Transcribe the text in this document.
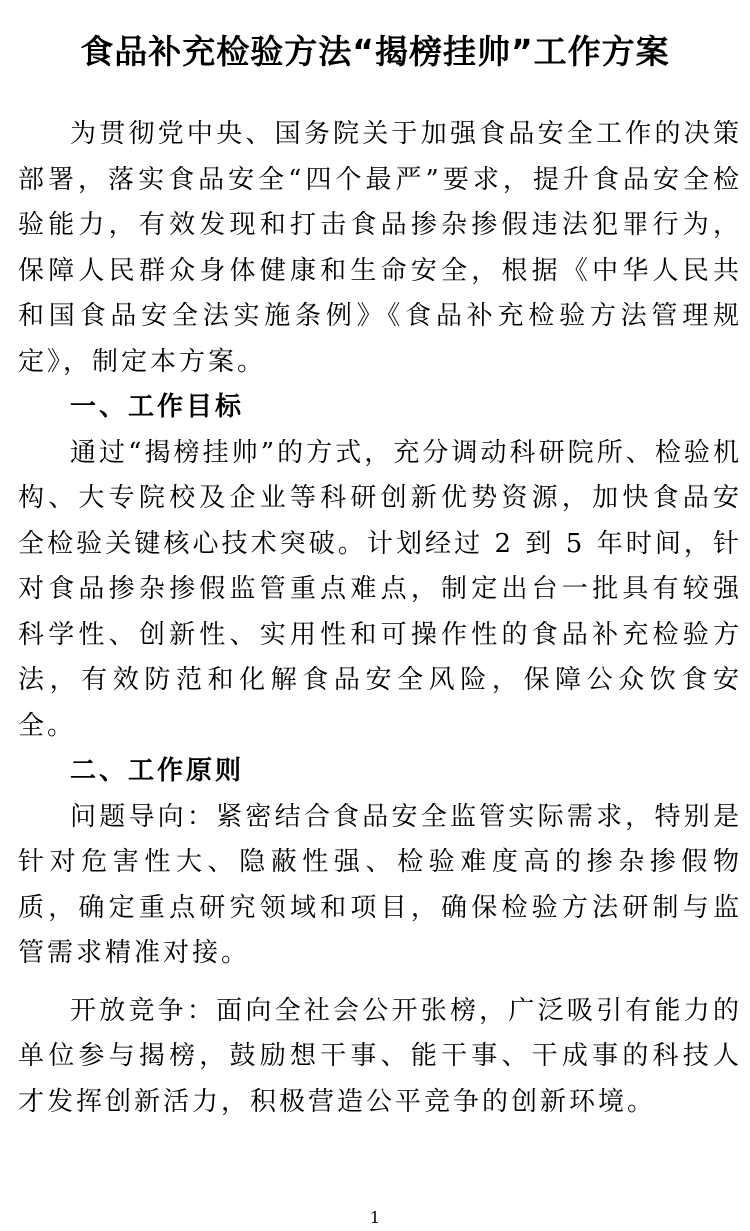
食品补充检验方法“揭榜挂帅”工作方案

为贯彻党中央、国务院关于加强食品安全工作的决策部署，落实食品安全“四个最严”要求，提升食品安全检验能力，有效发现和打击食品掺杂掺假违法犯罪行为，保障人民群众身体健康和生命安全，根据《中华人民共和国食品安全法实施条例》《食品补充检验方法管理规定》，制定本方案。

一、工作目标

通过“揭榜挂帅”的方式，充分调动科研院所、检验机构、大专院校及企业等科研创新优势资源，加快食品安全检验关键核心技术突破。计划经过 2 到 5 年时间，针对食品掺杂掺假监管重点难点，制定出台一批具有较强科学性、创新性、实用性和可操作性的食品补充检验方法，有效防范和化解食品安全风险，保障公众饮食安全。

二、工作原则

问题导向：紧密结合食品安全监管实际需求，特别是针对危害性大、隐蔽性强、检验难度高的掺杂掺假物质，确定重点研究领域和项目，确保检验方法研制与监管需求精准对接。

开放竞争：面向全社会公开张榜，广泛吸引有能力的单位参与揭榜，鼓励想干事、能干事、干成事的科技人才发挥创新活力，积极营造公平竞争的创新环境。

1
